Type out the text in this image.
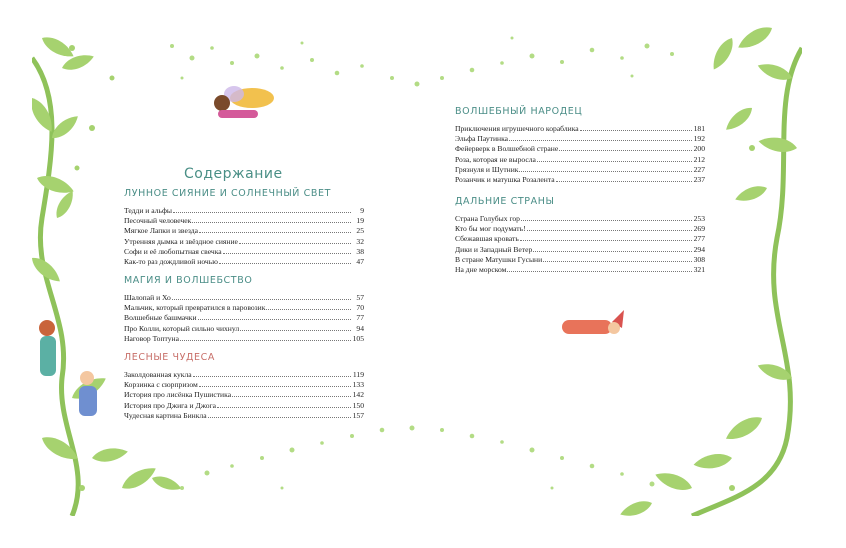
Содержание
ЛУННОЕ СИЯНИЕ И СОЛНЕЧНЫЙ СВЕТ
Тедди и альфы	9
Песочный человечек	19
Мягкое Лапки и звезда	25
Утренняя дымка и звёздное сияние	32
Софи и её любопытная свечка	38
Как-то раз дождливой ночью	47
МАГИЯ И ВОЛШЕБСТВО
Шалопай и Хо	57
Мальчик, который превратился в паровозик	70
Волшебные башмачки	77
Про Колли, который сильно чихнул	94
Наговор Топтуна	105
ЛЕСНЫЕ ЧУДЕСА
Заколдованная кукла	119
Корзинка с сюрпризом	133
История про лисёнка Пушистика	142
История про Джига и Джога	150
Чудесная картина Бинкла	157
ВОЛШЕБНЫЙ НАРОДЕЦ
Приключения игрушечного кораблика	181
Эльфа Паутинка	192
Фейерверк в Волшебной стране	200
Роза, которая не выросла	212
Грязнуля и Шутник	227
Розанчик и матушка Розалента	237
ДАЛЬНИЕ СТРАНЫ
Страна Голубых гор	253
Кто бы мог подумать!	269
Сбежавшая кровать	277
Дики и Западный Ветер	294
В стране Матушки Гусыни	308
На дне морском	321
